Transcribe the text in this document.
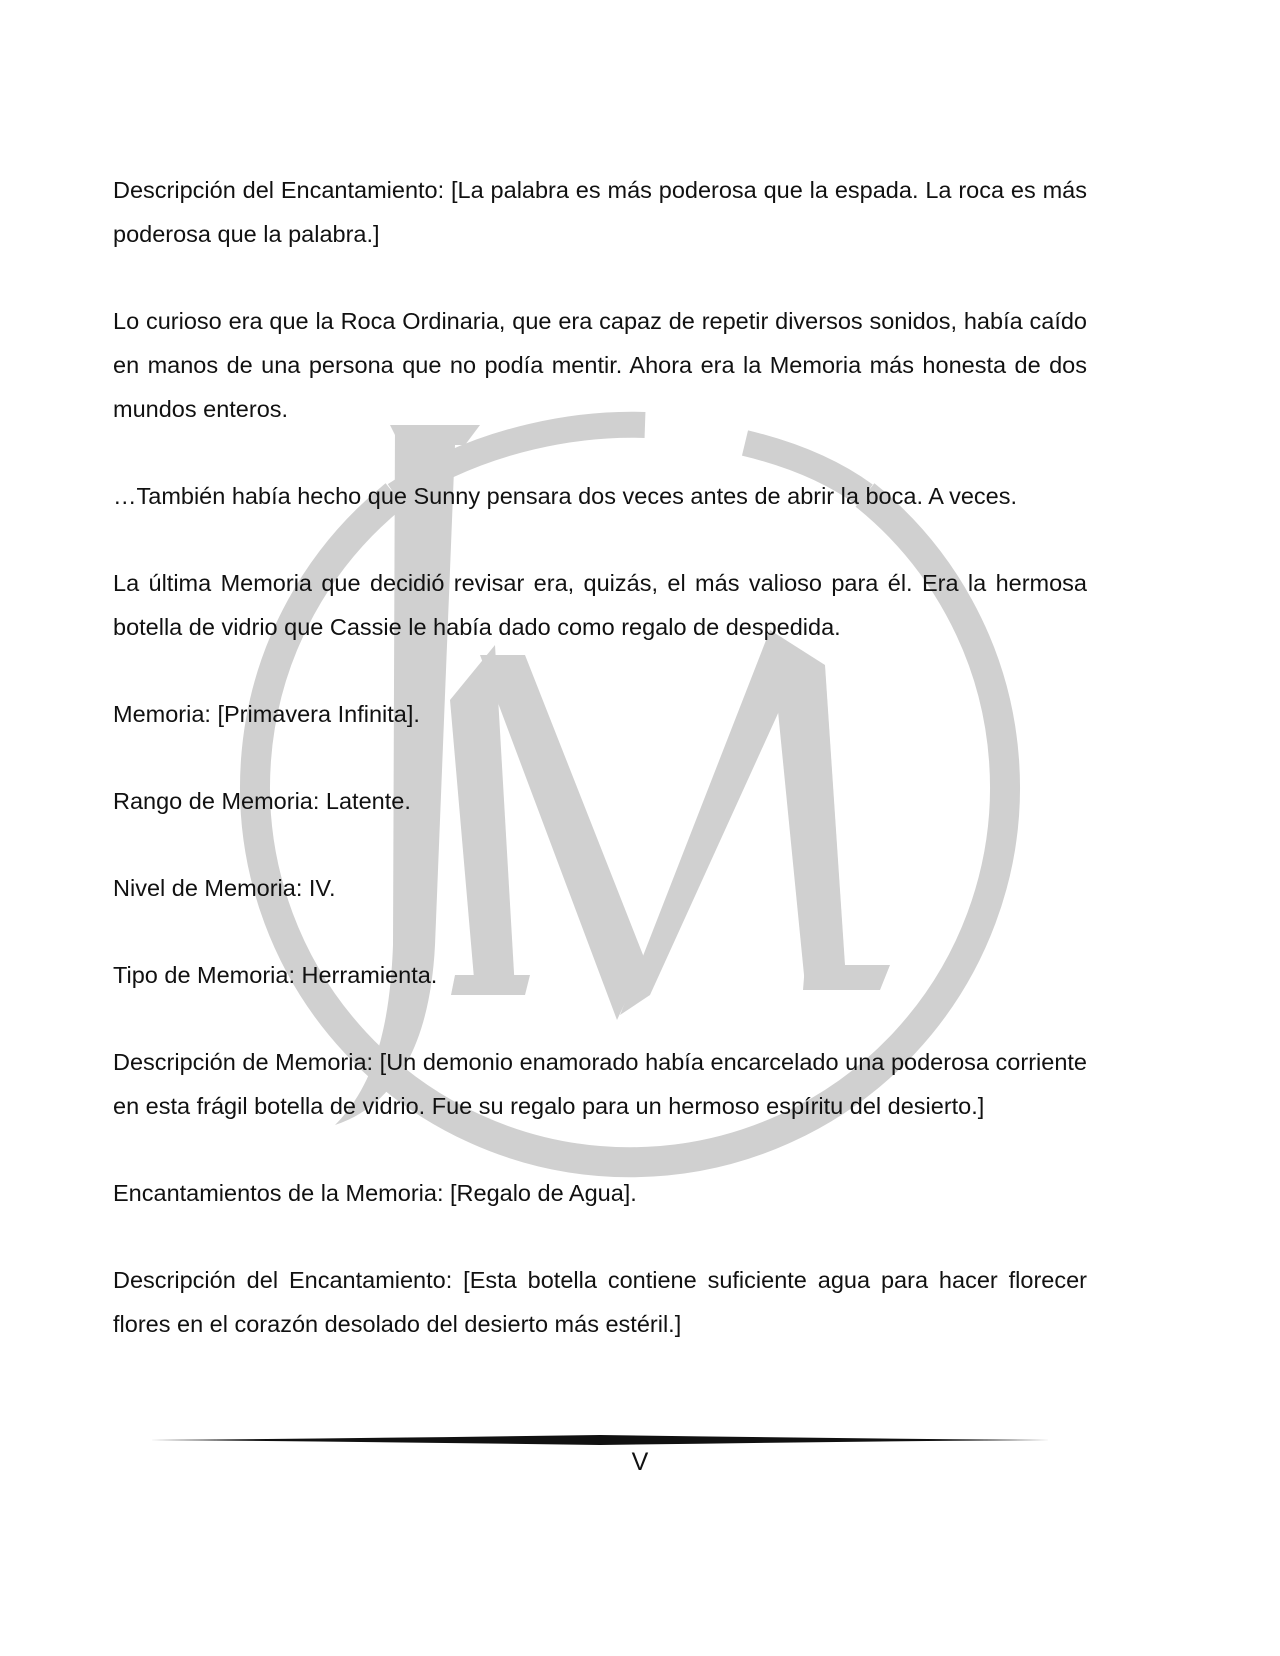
Descripción del Encantamiento: [La palabra es más poderosa que la espada. La roca es más poderosa que la palabra.]

Lo curioso era que la Roca Ordinaria, que era capaz de repetir diversos sonidos, había caído en manos de una persona que no podía mentir. Ahora era la Memoria más honesta de dos mundos enteros.

…También había hecho que Sunny pensara dos veces antes de abrir la boca. A veces.

La última Memoria que decidió revisar era, quizás, el más valioso para él. Era la hermosa botella de vidrio que Cassie le había dado como regalo de despedida.

Memoria: [Primavera Infinita].

Rango de Memoria: Latente.

Nivel de Memoria: IV.

Tipo de Memoria: Herramienta.

Descripción de Memoria: [Un demonio enamorado había encarcelado una poderosa corriente en esta frágil botella de vidrio. Fue su regalo para un hermoso espíritu del desierto.]

Encantamientos de la Memoria: [Regalo de Agua].

Descripción del Encantamiento: [Esta botella contiene suficiente agua para hacer florecer flores en el corazón desolado del desierto más estéril.]

V
